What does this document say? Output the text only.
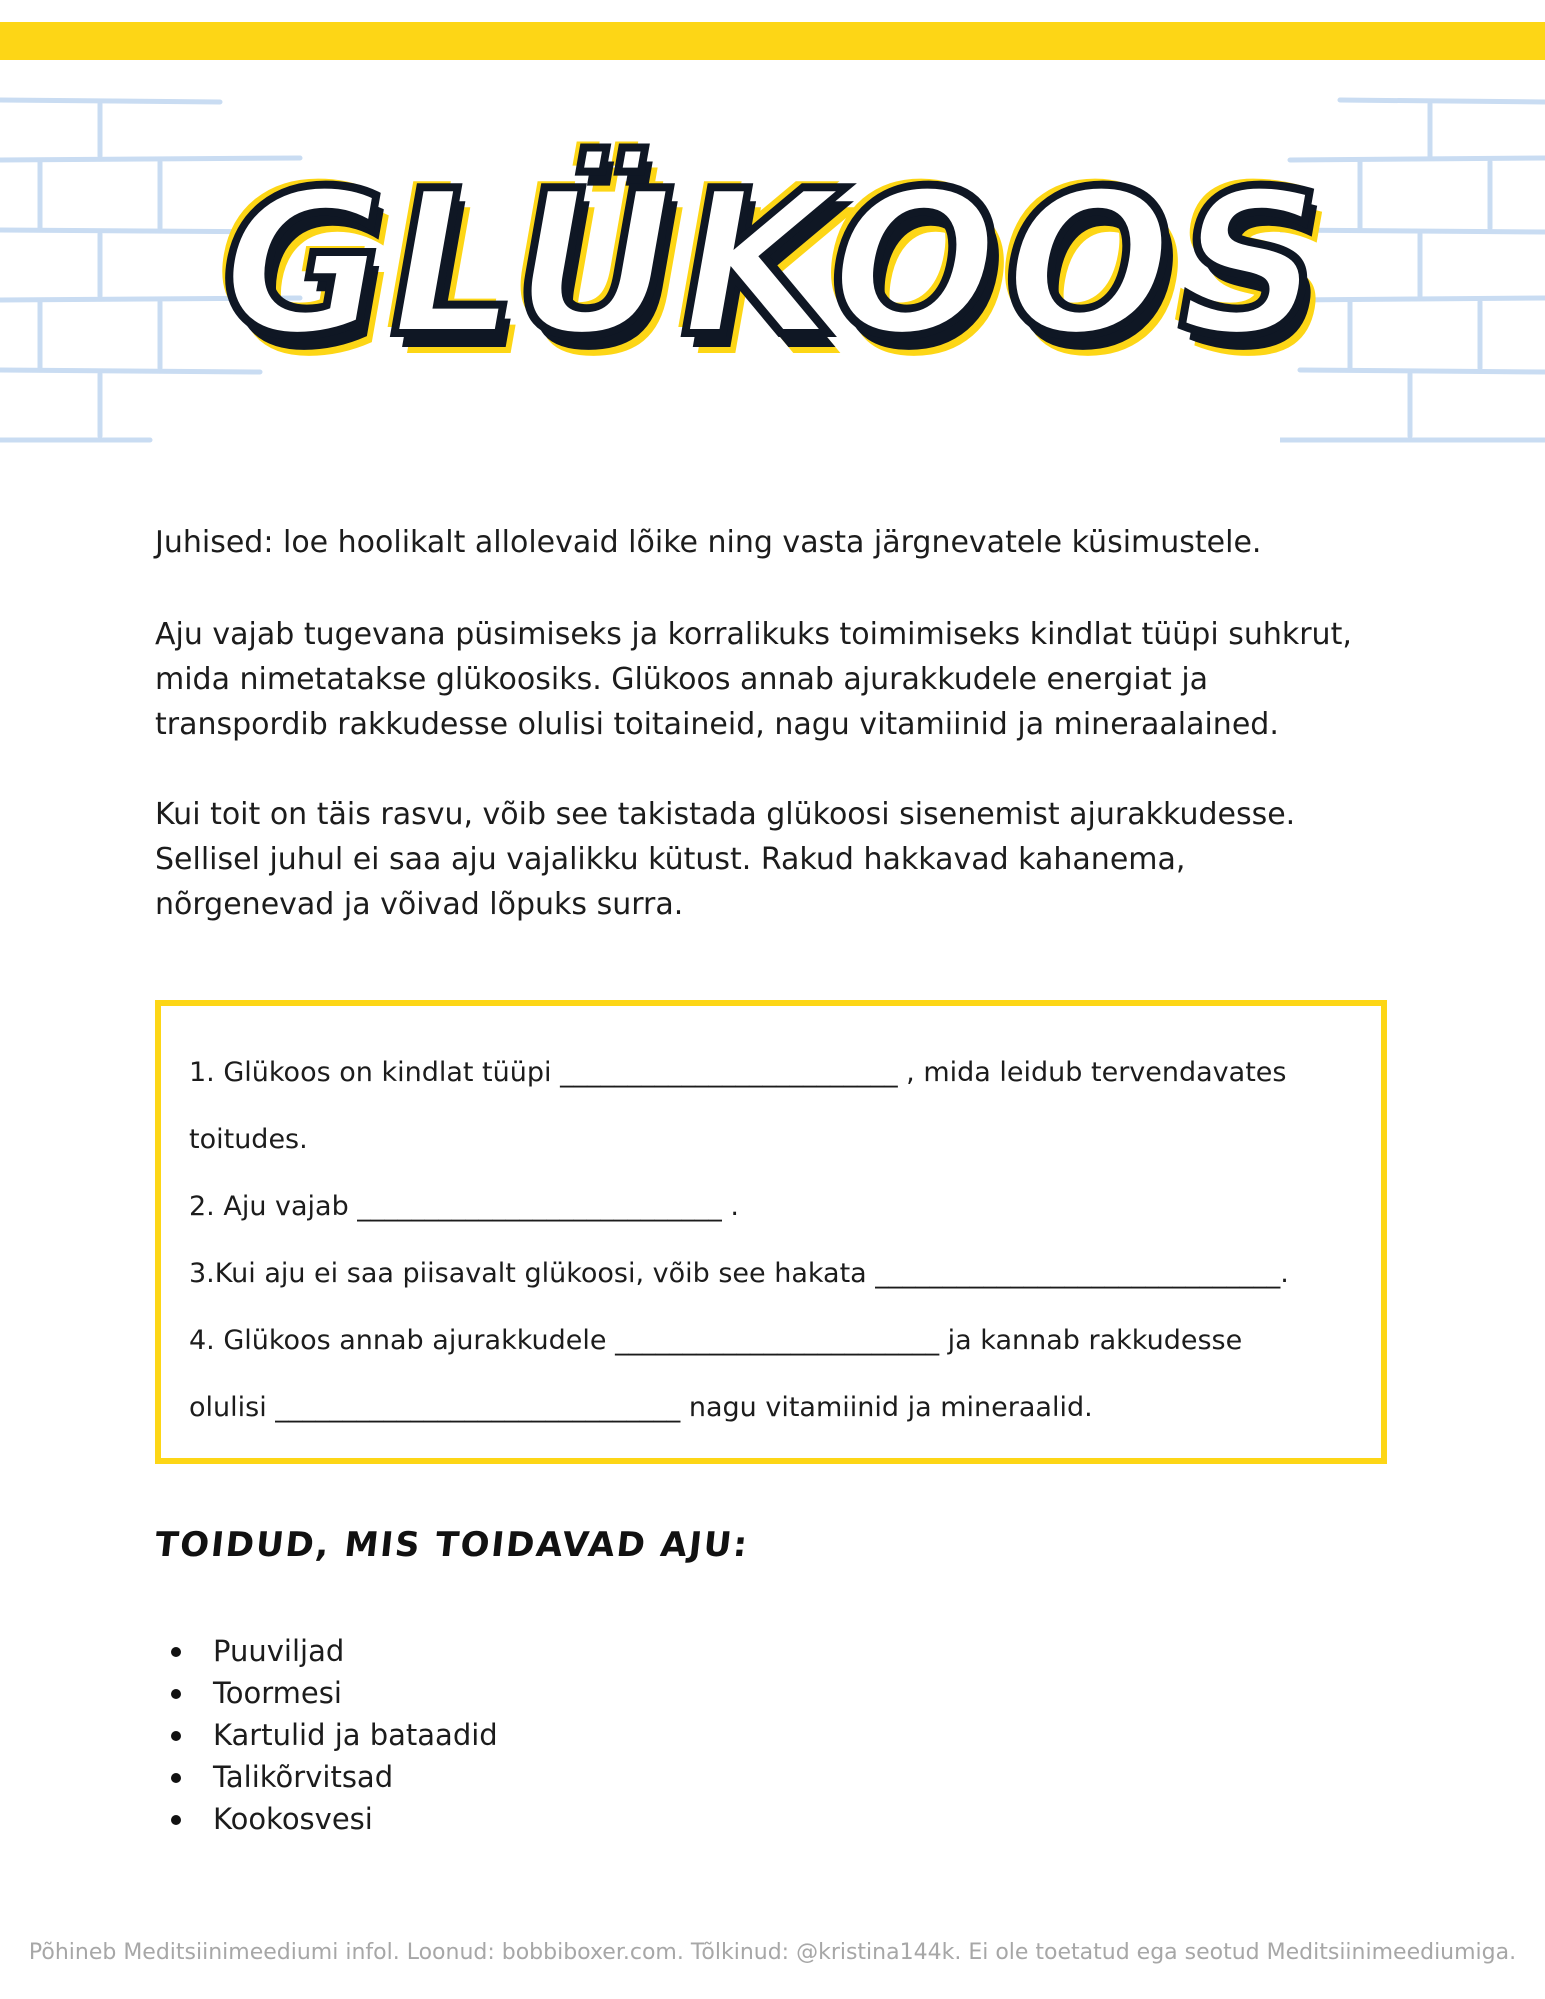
GLÜKOOS

Juhised: loe hoolikalt allolevaid lõike ning vasta järgnevatele küsimustele.

Aju vajab tugevana püsimiseks ja korralikuks toimimiseks kindlat tüüpi suhkrut,
mida nimetatakse glükoosiks. Glükoos annab ajurakkudele energiat ja
transpordib rakkudesse olulisi toitaineid, nagu vitamiinid ja mineraalained.

Kui toit on täis rasvu, võib see takistada glükoosi sisenemist ajurakkudesse.
Sellisel juhul ei saa aju vajalikku kütust. Rakud hakkavad kahanema,
nõrgenevad ja võivad lõpuks surra.

1. Glükoos on kindlat tüüpi _________________________ , mida leidub tervendavates
toitudes.
2. Aju vajab ___________________________ .
3.Kui aju ei saa piisavalt glükoosi, võib see hakata ______________________________.
4. Glükoos annab ajurakkudele ________________________ ja kannab rakkudesse
olulisi ______________________________ nagu vitamiinid ja mineraalid.
TOIDUD, MIS TOIDAVAD AJU:
Puuviljad
Toormesi
Kartulid ja bataadid
Talikõrvitsad
Kookosvesi
Põhineb Meditsiinimeediumi infol. Loonud: bobbiboxer.com. Tõlkinud: @kristina144k. Ei ole toetatud ega seotud Meditsiinimeediumiga.
